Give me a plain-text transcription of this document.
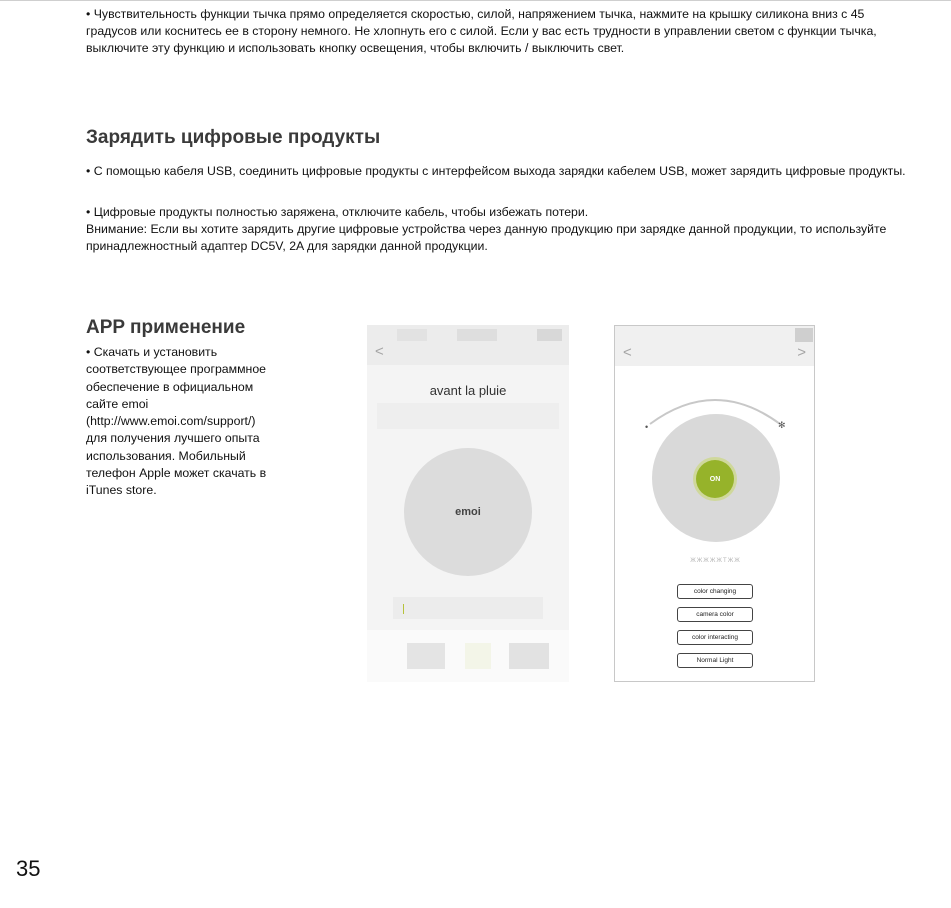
• Чувствительность функции тычка прямо определяется скоростью, силой, напряжением тычка, нажмите на крышку силикона вниз с 45 градусов или коснитесь ее в сторону немного. Не хлопнуть его с силой. Если у вас есть трудности в управлении светом с функции тычка, выключите эту функцию и использовать кнопку освещения, чтобы включить / выключить свет.

Зарядить цифровые продукты

• С помощью кабеля USB, соединить цифровые продукты с интерфейсом выхода зарядки кабелем USB, может зарядить цифровые продукты.

• Цифровые продукты полностью заряжена, отключите кабель, чтобы избежать потери.

Внимание: Если вы хотите зарядить другие цифровые устройства через данную продукцию при зарядке данной продукции, то используйте принадлежностный адаптер DC5V, 2A для зарядки данной продукции.

APP применение
• Скачать и установить соответствующее программное обеспечение в официальном сайте emoi (http://www.emoi.com/support/) для получения лучшего опыта использования. Мобильный телефон Apple может скачать в iTunes store.
<
avant la pluie
emoi
<	>
•	✻
ON
ЖЖЖЖЖТЖЖ
color changing
camera color
color interacting
Normal Light
35
